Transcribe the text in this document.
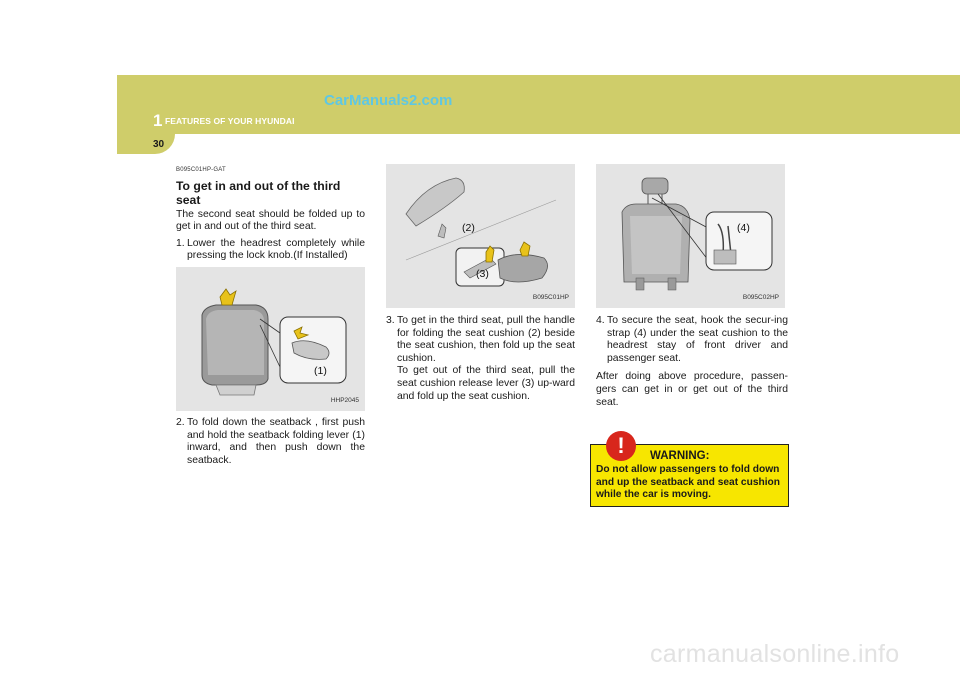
1 FEATURES OF YOUR HYUNDAI
CarManuals2.com
30
B095C01HP-GAT
To get in and out of the third seat

The second seat should be folded up to get in and out of the third seat.

1. Lower the headrest completely while pressing the lock knob.(If Installed)
(1)
HHP2045
2. To fold down the seatback , first push and hold the seatback folding lever (1) inward, and then push down the seatback.
(2)
(3)
B095C01HP
3. To get in the third seat, pull the handle for folding the seat cushion (2) beside the seat cushion, then fold up the seat cushion.
To get out of the third seat, pull the seat cushion release lever (3) up-ward and fold up the seat cushion.
(4)
B095C02HP
4. To secure the seat, hook the secur-ing strap (4) under the seat cushion to the headrest stay of front driver and passenger seat.

After doing above procedure, passen-gers can get in or get out of the third seat.

!	WARNING:
Do not allow passengers to fold down and up the seatback and seat cushion while the car is moving.
carmanualsonline.info
